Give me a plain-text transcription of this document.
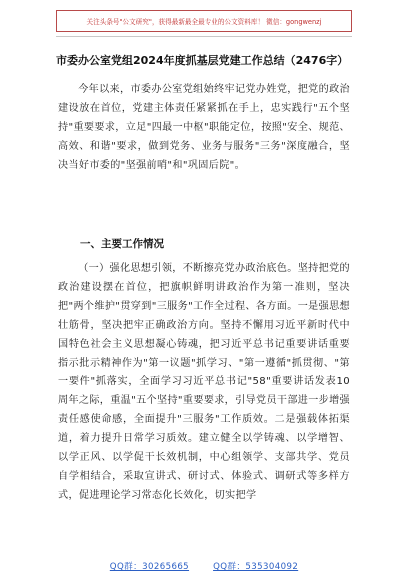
关注头条号"公文研究"，获得最新最全最专业的公文资料库！ 微信：gongwenzj
市委办公室党组2024年度抓基层党建工作总结（2476字）

今年以来，市委办公室党组始终牢记党办姓党，把党的政治建设放在首位，党建主体责任紧紧抓在手上，忠实践行"五个坚持"重要要求，立足"四最一中枢"职能定位，按照"安全、规范、高效、和谐"要求，做到党务、业务与服务"三务"深度融合，坚决当好市委的"坚强前哨"和"巩固后院"。

一、主要工作情况

（一）强化思想引领，不断擦亮党办政治底色。坚持把党的政治建设摆在首位，把旗帜鲜明讲政治作为第一准则，坚决把"两个维护"贯穿到"三服务"工作全过程、各方面。一是强思想壮筋骨，坚决把牢正确政治方向。坚持不懈用习近平新时代中国特色社会主义思想凝心铸魂，把习近平总书记重要讲话重要指示批示精神作为"第一议题"抓学习、"第一遵循"抓贯彻、"第一要件"抓落实，全面学习习近平总书记"58"重要讲话发表10周年之际，重温"五个坚持"重要要求，引导党员干部进一步增强责任感使命感，全面提升"三服务"工作质效。二是强载体拓渠道，着力提升日常学习质效。建立健全以学铸魂、以学增智、以学正风、以学促干长效机制，中心组领学、支部共学、党员自学相结合，采取宣讲式、研讨式、体验式、调研式等多样方式，促进理论学习常态化长效化，切实把学

QQ群：30265665	QQ群：535304092
